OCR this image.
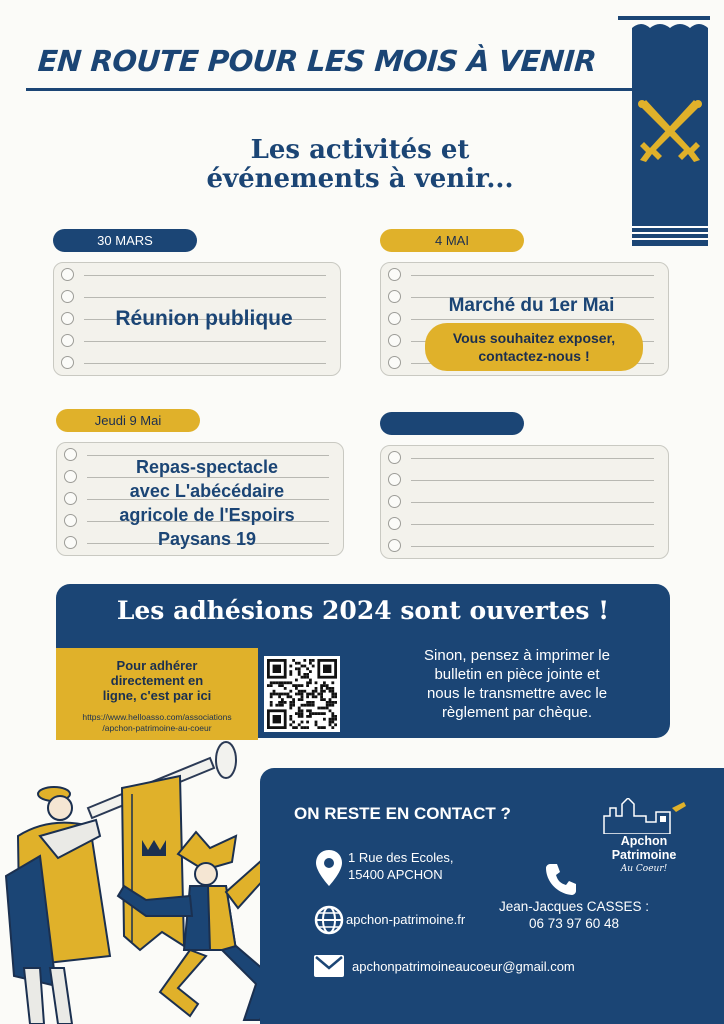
EN ROUTE POUR LES MOIS À VENIR
Les activités et
événements à venir...
30 MARS
Réunion publique
4 MAI
Marché du 1er Mai
Vous souhaitez exposer,
contactez-nous !
Jeudi 9 Mai
Repas-spectacle
avec L'abécédaire
agricole de l'Espoirs
Paysans 19
Les adhésions 2024 sont ouvertes !
Pour adhérer
directement en
ligne, c'est par ici
https://www.helloasso.com/associations
/apchon-patrimoine-au-coeur
Sinon, pensez à imprimer le
bulletin en pièce jointe et
nous le transmettre avec le
règlement par chèque.
ON RESTE EN CONTACT ?
Apchon
Patrimoine
Au Coeur!
1 Rue des Ecoles,
15400 APCHON
apchon-patrimoine.fr
Jean-Jacques CASSES :
06 73 97 60 48
apchonpatrimoineaucoeur@gmail.com
